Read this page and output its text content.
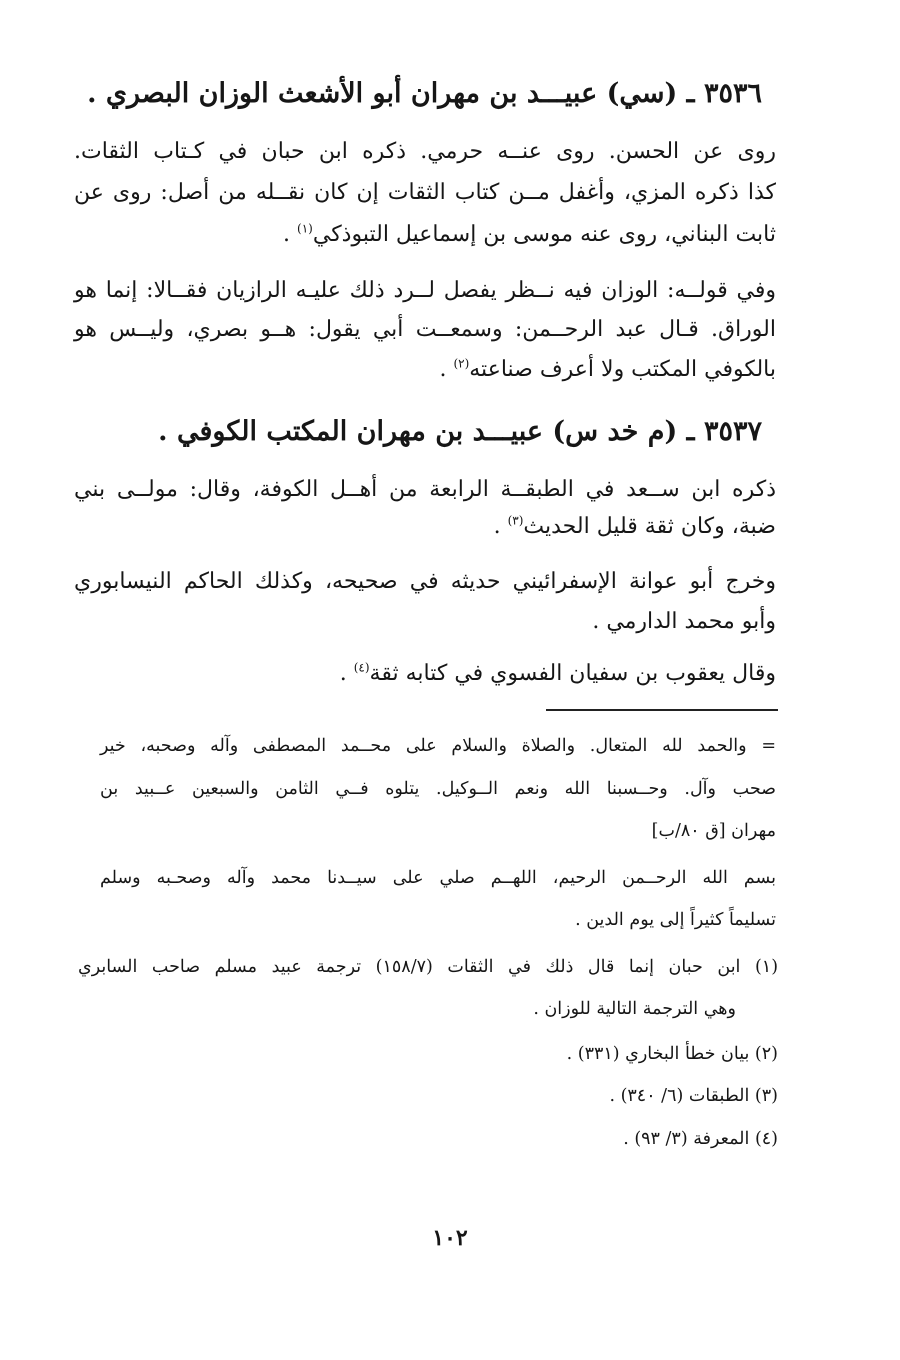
٣٥٣٦ ـ (سي) عبيـــد بن مهران أبو الأشعث الوزان البصري .
روى عن الحسن. روى عنــه حرمي. ذكره ابن حبان في كـتاب الثقات.
كذا ذكره المزي، وأغفل مــن كتاب الثقات إن كان نقــله من أصل: روى عن
ثابت البناني، روى عنه موسى بن إسماعيل التبوذكي$^{(١)}$ .
وفي قولــه: الوزان فيه نــظر يفصل لــرد ذلك عليـه الرازيان فقــالا: إنما هو
الوراق. قـال عبد الرحــمن: وسمعــت أبي يقول: هــو بصري، وليــس هو
بالكوفي المكتب ولا أعرف صناعته$^{(٢)}$ .
٣٥٣٧ ـ (م خد س) عبيـــد بن مهران المكتب الكوفي .
ذكره ابن ســعد في الطبقــة الرابعة من أهــل الكوفة، وقال: مولــى بني
ضبة، وكان ثقة قليل الحديث$^{(٣)}$ .
وخرج أبو عوانة الإسفرائيني حديثه في صحيحه، وكذلك الحاكم النيسابوري
وأبو محمد الدارمي .
وقال يعقوب بن سفيان الفسوي في كتابه ثقة$^{(٤)}$ .
= والحمد لله المتعال. والصلاة والسلام على محــمد المصطفى وآله وصحبه، خير
صحب وآل. وحــسبنا الله ونعم الــوكيل. يتلوه فــي الثامن والسبعين عــبيد بن
مهران [ق ٨٠/ب]
بسم الله الرحــمن الرحيم، اللهــم صلي على سيــدنا محمد وآله وصحـبه وسلم
تسليماً كثيراً إلى يوم الدين .
(١) ابن حبان إنما قال ذلك في الثقات (١٥٨/٧) ترجمة عبيد مسلم صاحب السابري
وهي الترجمة التالية للوزان .
(٢) بيان خطأ البخاري (٣٣١) .
(٣) الطبقات (٦/ ٣٤٠) .
(٤) المعرفة (٣/ ٩٣) .
١٠٢
